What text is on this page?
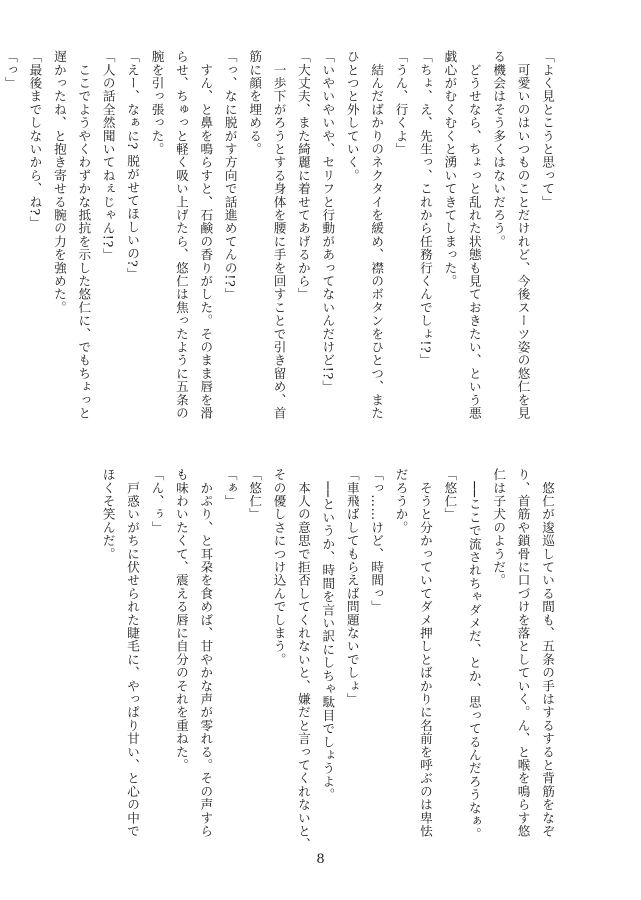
「よく見とこうと思って」
　可愛いのはいつものことだけれど、今後スーツ姿の悠仁を見
る機会はそう多くはないだろう。
　どうせなら、ちょっと乱れた状態も見ておきたい、という悪
戯心がむくむくと湧いてきてしまった。
「ちょ、え、先生っ、これから任務行くんでしょ!?」
「うん、行くよ」
　結んだばかりのネクタイを緩め、襟のボタンをひとつ、また
ひとつと外していく。
「いやいやいや、セリフと行動があってないんだけど!?」
「大丈夫、また綺麗に着せてあげるから」
　一歩下がろうとする身体を腰に手を回すことで引き留め、首
筋に顔を埋める。
「っ、なに脱がす方向で話進めてんの!?」
　すん、と鼻を鳴らすと、石鹸の香りがした。そのまま唇を滑
らせ、ちゅっと軽く吸い上げたら、悠仁は焦ったように五条の
腕を引っ張った。
「えー、なぁに? 脱がせてほしいの?」
「人の話全然聞いてねぇじゃん!?」
　ここでようやくわずかな抵抗を示した悠仁に、でもちょっと
遅かったね、と抱き寄せる腕の力を強めた。
「最後までしないから、ね?」
「っ」
　悠仁が逡巡している間も、五条の手はするすると背筋をなぞ
り、首筋や鎖骨に口づけを落としていく。ん、と喉を鳴らす悠
仁は子犬のようだ。
　──ここで流されちゃダメだ、とか、思ってるんだろうなぁ。
「悠仁」
　そうと分かっていてダメ押しとばかりに名前を呼ぶのは卑怯
だろうか。
「っ……けど、時間っ」
「車飛ばしてもらえば問題ないでしょ」
　──というか、時間を言い訳にしちゃ駄目でしょうよ。
　本人の意思で拒否してくれないと、嫌だと言ってくれないと、
その優しさにつけ込んでしまう。
「悠仁」
「ぁ」
　かぷり、と耳朶を食めば、甘やかな声が零れる。その声すら
も味わいたくて、震える唇に自分のそれを重ねた。
「ん、ぅ」
　戸惑いがちに伏せられた睫毛に、やっぱり甘い、と心の中で
ほくそ笑んだ。
8
